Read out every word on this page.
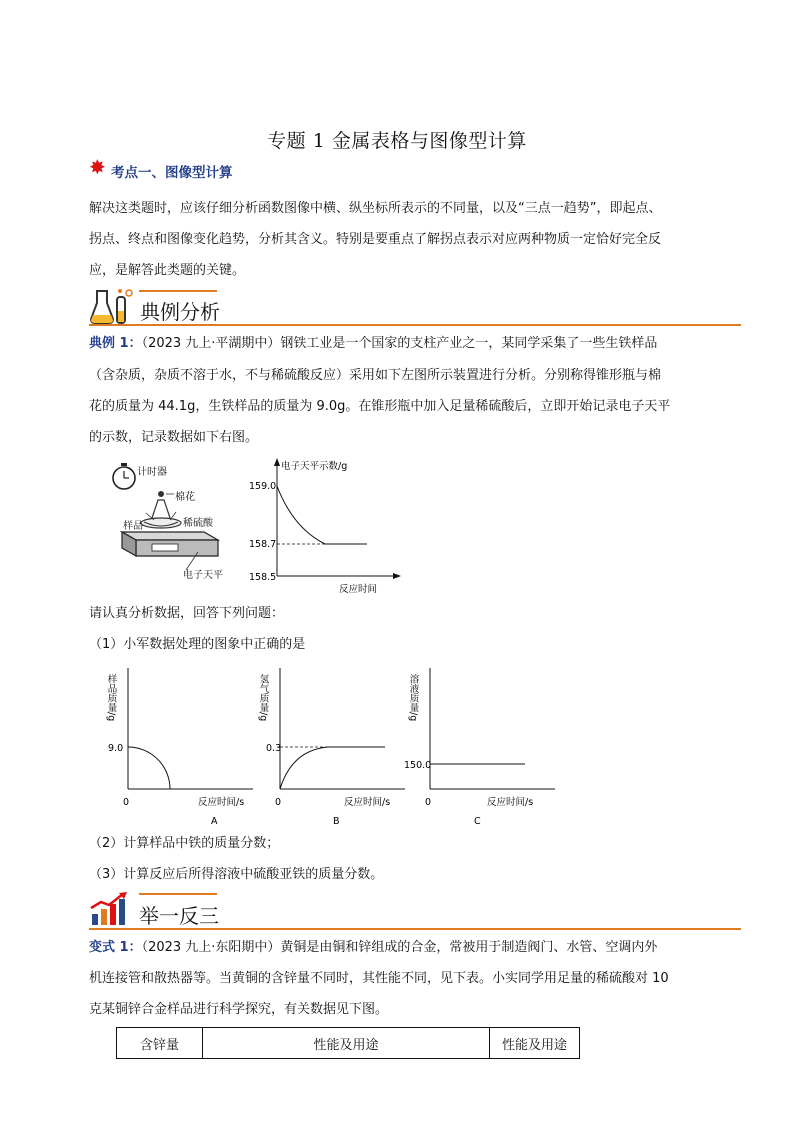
专题 1 金属表格与图像型计算
✸ 考点一、图像型计算
解决这类题时，应该仔细分析函数图像中横、纵坐标所表示的不同量，以及“三点一趋势”，即起点、
拐点、终点和图像变化趋势，分析其含义。特别是要重点了解拐点表示对应两种物质一定恰好完全反
应，是解答此类题的关键。
典例分析
典例 1：（2023 九上·平湖期中）钢铁工业是一个国家的支柱产业之一，某同学采集了一些生铁样品
（含杂质，杂质不溶于水，不与稀硫酸反应）采用如下左图所示装置进行分析。分别称得锥形瓶与棉
花的质量为 44.1g，生铁样品的质量为 9.0g。在锥形瓶中加入足量稀硫酸后，立即开始记录电子天平
的示数，记录数据如下右图。
计时器
棉花
样品	稀硫酸
电子天平
电子天平示数/g
反应时间
159.0
158.7
158.5
请认真分析数据，回答下列问题：
（1）小军数据处理的图象中正确的是
样品质量/g
9.0
0	反应时间/s
A
氢气质量/g
0.3
0	反应时间/s
B
溶液质量/g
150.0
0	反应时间/s
C
（2）计算样品中铁的质量分数；
（3）计算反应后所得溶液中硫酸亚铁的质量分数。
举一反三
变式 1：（2023 九上·东阳期中）黄铜是由铜和锌组成的合金，常被用于制造阀门、水管、空调内外
机连接管和散热器等。当黄铜的含锌量不同时，其性能不同，见下表。小实同学用足量的稀硫酸对 10
克某铜锌合金样品进行科学探究，有关数据见下图。
含锌量	性能及用途	性能及用途
